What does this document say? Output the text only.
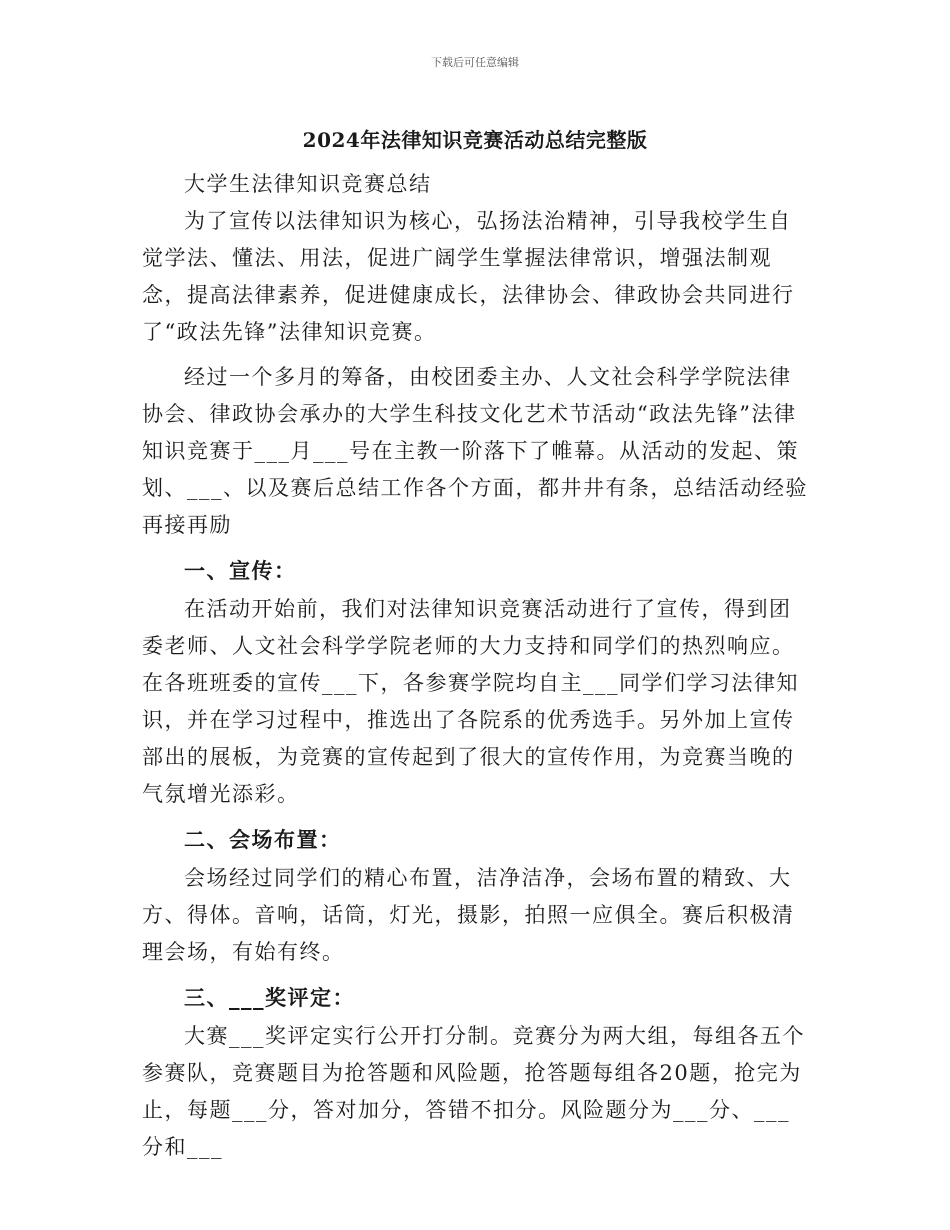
下载后可任意编辑
2024年法律知识竞赛活动总结完整版

大学生法律知识竞赛总结

为了宣传以法律知识为核心，弘扬法治精神，引导我校学生自觉学法、懂法、用法，促进广阔学生掌握法律常识，增强法制观念，提高法律素养，促进健康成长，法律协会、律政协会共同进行了“政法先锋”法律知识竞赛。

经过一个多月的筹备，由校团委主办、人文社会科学学院法律协会、律政协会承办的大学生科技文化艺术节活动“政法先锋”法律知识竞赛于___月___号在主教一阶落下了帷幕。从活动的发起、策划、___、以及赛后总结工作各个方面，都井井有条，总结活动经验再接再励

一、宣传：

在活动开始前，我们对法律知识竞赛活动进行了宣传，得到团委老师、人文社会科学学院老师的大力支持和同学们的热烈响应。在各班班委的宣传___下，各参赛学院均自主___同学们学习法律知识，并在学习过程中，推选出了各院系的优秀选手。另外加上宣传部出的展板，为竞赛的宣传起到了很大的宣传作用，为竞赛当晚的气氛增光添彩。

二、会场布置：

会场经过同学们的精心布置，洁净洁净，会场布置的精致、大方、得体。音响，话筒，灯光，摄影，拍照一应俱全。赛后积极清理会场，有始有终。

三、___奖评定：

大赛___奖评定实行公开打分制。竞赛分为两大组，每组各五个参赛队，竞赛题目为抢答题和风险题，抢答题每组各20题，抢完为止，每题___分，答对加分，答错不扣分。风险题分为___分、___分和___
